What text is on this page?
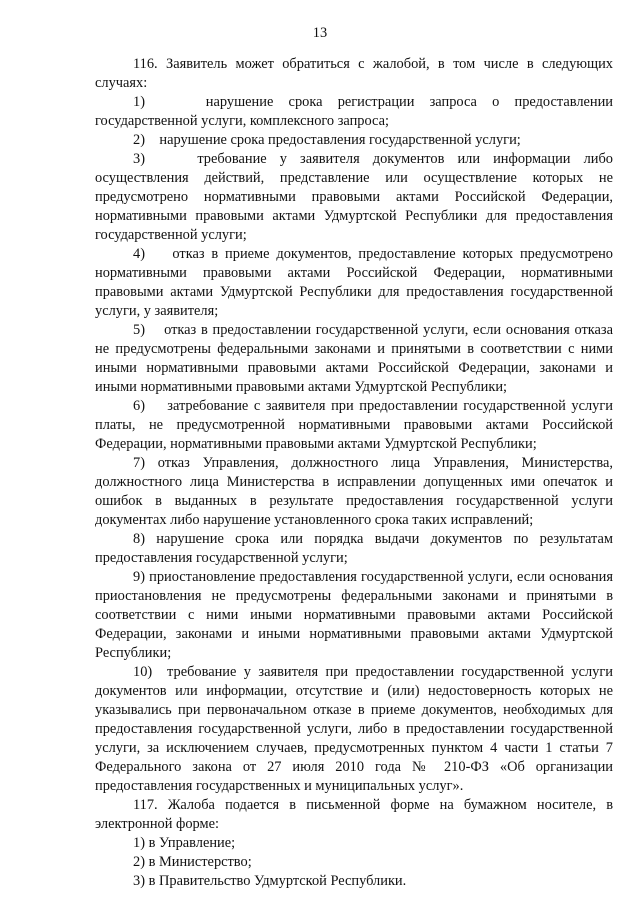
13

116. Заявитель может обратиться с жалобой, в том числе в следующих случаях:

1)    нарушение срока регистрации запроса о предоставлении государственной услуги, комплексного запроса;

2)    нарушение срока предоставления государственной услуги;

3)    требование у заявителя документов или информации либо осуществления действий, представление или осуществление которых не предусмотрено нормативными правовыми актами Российской Федерации, нормативными правовыми актами Удмуртской Республики для предоставления государственной услуги;

4)    отказ в приеме документов, предоставление которых предусмотрено нормативными правовыми актами Российской Федерации, нормативными правовыми актами Удмуртской Республики для предоставления государственной услуги, у заявителя;

5)    отказ в предоставлении государственной услуги, если основания отказа не предусмотрены федеральными законами и принятыми в соответствии с ними иными нормативными правовыми актами Российской Федерации, законами и иными нормативными правовыми актами Удмуртской Республики;

6)    затребование с заявителя при предоставлении государственной услуги платы, не предусмотренной нормативными правовыми актами Российской Федерации, нормативными правовыми актами Удмуртской Республики;

7) отказ Управления, должностного лица Управления, Министерства, должностного лица Министерства в исправлении допущенных ими опечаток и ошибок в выданных в результате предоставления государственной услуги документах либо нарушение установленного срока таких исправлений;

8) нарушение срока или порядка выдачи документов по результатам предоставления государственной услуги;

9) приостановление предоставления государственной услуги, если основания приостановления не предусмотрены федеральными законами и принятыми в соответствии с ними иными нормативными правовыми актами Российской Федерации, законами и иными нормативными правовыми актами Удмуртской Республики;

10)  требование у заявителя при предоставлении государственной услуги документов или информации, отсутствие и (или) недостоверность которых не указывались при первоначальном отказе в приеме документов, необходимых для предоставления государственной услуги, либо в предоставлении государственной услуги, за исключением случаев, предусмотренных пунктом 4 части 1 статьи 7 Федерального закона от 27 июля 2010 года № 210-ФЗ «Об организации предоставления государственных и муниципальных услуг».

117. Жалоба подается в письменной форме на бумажном носителе, в электронной форме:

1) в Управление;

2) в Министерство;

3) в Правительство Удмуртской Республики.
